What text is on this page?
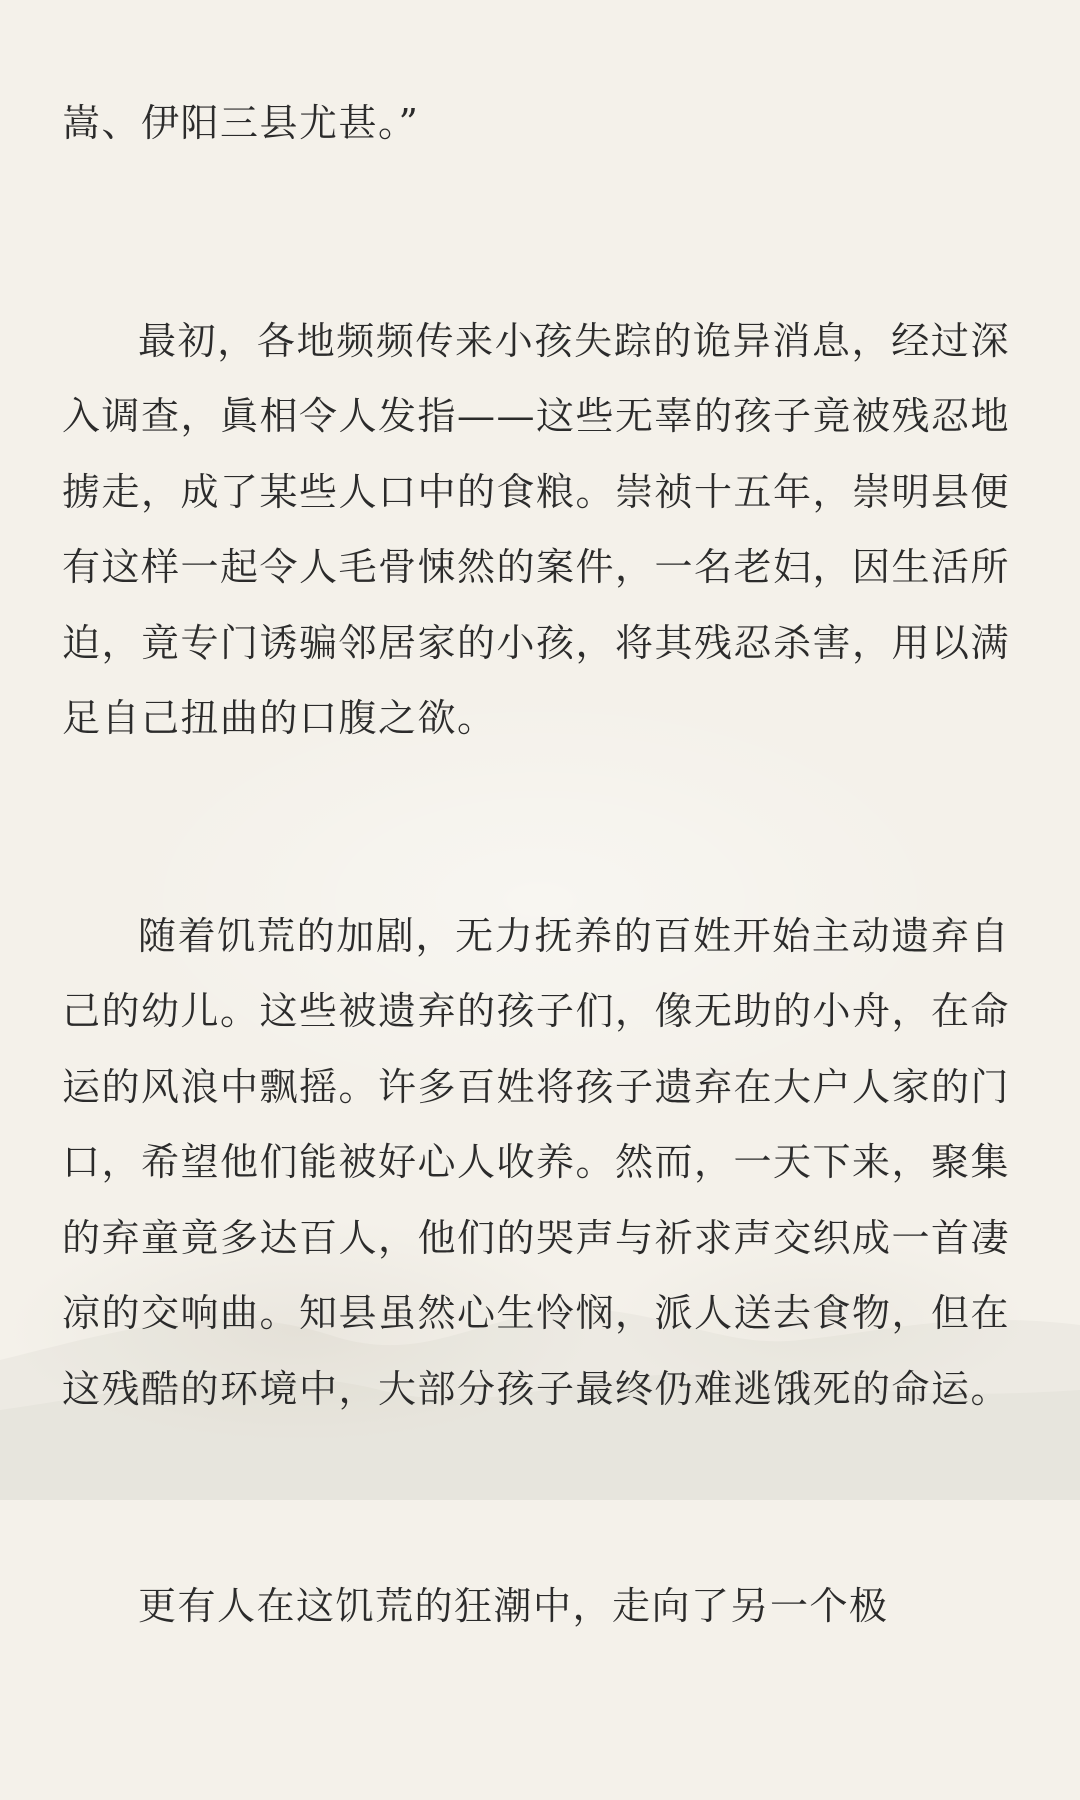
嵩、伊阳三县尤甚。”

最初，各地频频传来小孩失踪的诡异消息，经过深入调查，眞相令人发指——这些无辜的孩子竟被残忍地掳走，成了某些人口中的食粮。崇祯十五年，崇明县便有这样一起令人毛骨悚然的案件，一名老妇，因生活所迫，竟专门诱骗邻居家的小孩，将其残忍杀害，用以满足自己扭曲的口腹之欲。

随着饥荒的加剧，无力抚养的百姓开始主动遗弃自己的幼儿。这些被遗弃的孩子们，像无助的小舟，在命运的风浪中飘摇。许多百姓将孩子遗弃在大户人家的门口，希望他们能被好心人收养。然而，一天下来，聚集的弃童竟多达百人，他们的哭声与祈求声交织成一首凄凉的交响曲。知县虽然心生怜悯，派人送去食物，但在这残酷的环境中，大部分孩子最终仍难逃饿死的命运。

更有人在这饥荒的狂潮中，走向了另一个极
